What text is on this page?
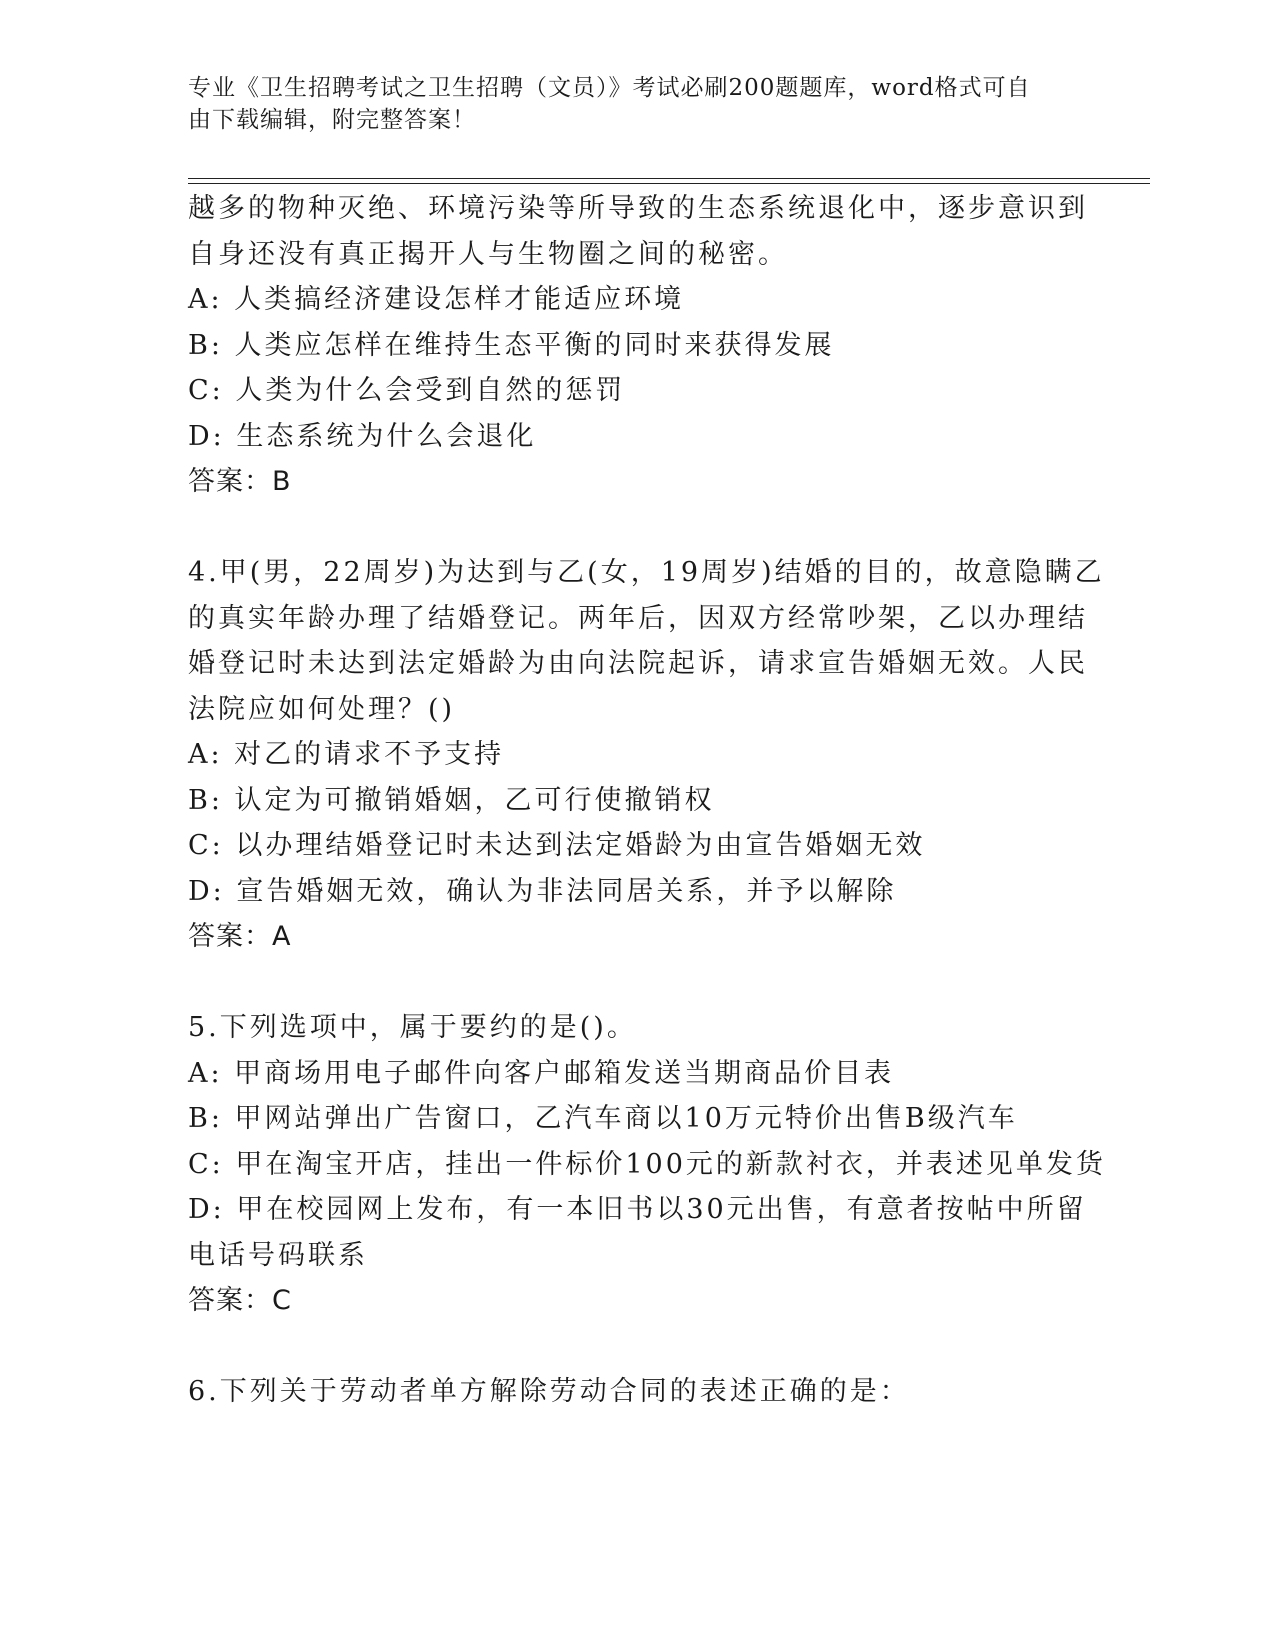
专业《卫生招聘考试之卫生招聘（文员）》考试必刷200题题库，word格式可自
由下载编辑，附完整答案！
越多的物种灭绝、环境污染等所导致的生态系统退化中，逐步意识到
自身还没有真正揭开人与生物圈之间的秘密。
A: 人类搞经济建设怎样才能适应环境
B: 人类应怎样在维持生态平衡的同时来获得发展
C: 人类为什么会受到自然的惩罚
D: 生态系统为什么会退化
答案：B
4.甲(男，22周岁)为达到与乙(女，19周岁)结婚的目的，故意隐瞒乙
的真实年龄办理了结婚登记。两年后，因双方经常吵架，乙以办理结
婚登记时未达到法定婚龄为由向法院起诉，请求宣告婚姻无效。人民
法院应如何处理？()
A: 对乙的请求不予支持
B: 认定为可撤销婚姻，乙可行使撤销权
C: 以办理结婚登记时未达到法定婚龄为由宣告婚姻无效
D: 宣告婚姻无效，确认为非法同居关系，并予以解除
答案：A
5.下列选项中，属于要约的是()。
A: 甲商场用电子邮件向客户邮箱发送当期商品价目表
B: 甲网站弹出广告窗口，乙汽车商以10万元特价出售B级汽车
C: 甲在淘宝开店，挂出一件标价100元的新款衬衣，并表述见单发货
D: 甲在校园网上发布，有一本旧书以30元出售，有意者按帖中所留
电话号码联系
答案：C
6.下列关于劳动者单方解除劳动合同的表述正确的是：
